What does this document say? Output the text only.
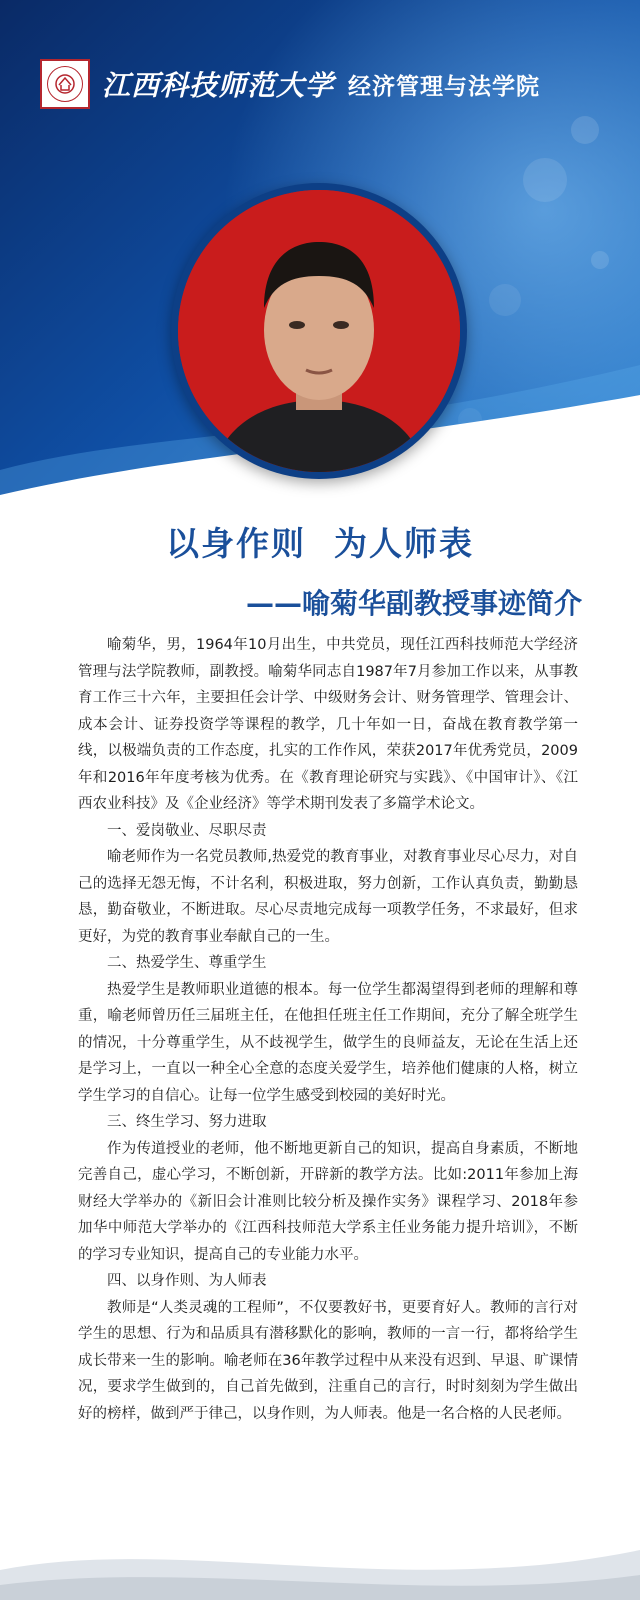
江西科技师范大学 经济管理与法学院
以身作则 为人师表
——喻菊华副教授事迹简介

喻菊华，男，1964年10月出生，中共党员，现任江西科技师范大学经济管理与法学院教师，副教授。喻菊华同志自1987年7月参加工作以来，从事教育工作三十六年，主要担任会计学、中级财务会计、财务管理学、管理会计、成本会计、证券投资学等课程的教学，几十年如一日，奋战在教育教学第一线，以极端负责的工作态度，扎实的工作作风，荣获2017年优秀党员，2009年和2016年年度考核为优秀。在《教育理论研究与实践》、《中国审计》、《江西农业科技》及《企业经济》等学术期刊发表了多篇学术论文。

一、爱岗敬业、尽职尽责

喻老师作为一名党员教师,热爱党的教育事业，对教育事业尽心尽力，对自己的选择无怨无悔，不计名利，积极进取，努力创新，工作认真负责，勤勤恳恳，勤奋敬业，不断进取。尽心尽责地完成每一项教学任务，不求最好，但求更好，为党的教育事业奉献自己的一生。

二、热爱学生、尊重学生

热爱学生是教师职业道德的根本。每一位学生都渴望得到老师的理解和尊重，喻老师曾历任三届班主任，在他担任班主任工作期间，充分了解全班学生的情况，十分尊重学生，从不歧视学生，做学生的良师益友，无论在生活上还是学习上，一直以一种全心全意的态度关爱学生，培养他们健康的人格，树立学生学习的自信心。让每一位学生感受到校园的美好时光。

三、终生学习、努力进取

作为传道授业的老师，他不断地更新自己的知识，提高自身素质，不断地完善自己，虚心学习，不断创新，开辟新的教学方法。比如:2011年参加上海财经大学举办的《新旧会计准则比较分析及操作实务》课程学习、2018年参加华中师范大学举办的《江西科技师范大学系主任业务能力提升培训》，不断的学习专业知识，提高自己的专业能力水平。

四、以身作则、为人师表

教师是“人类灵魂的工程师”，不仅要教好书，更要育好人。教师的言行对学生的思想、行为和品质具有潜移默化的影响，教师的一言一行，都将给学生成长带来一生的影响。喻老师在36年教学过程中从来没有迟到、早退、旷课情况，要求学生做到的，自己首先做到，注重自己的言行，时时刻刻为学生做出好的榜样，做到严于律己，以身作则，为人师表。他是一名合格的人民老师。
